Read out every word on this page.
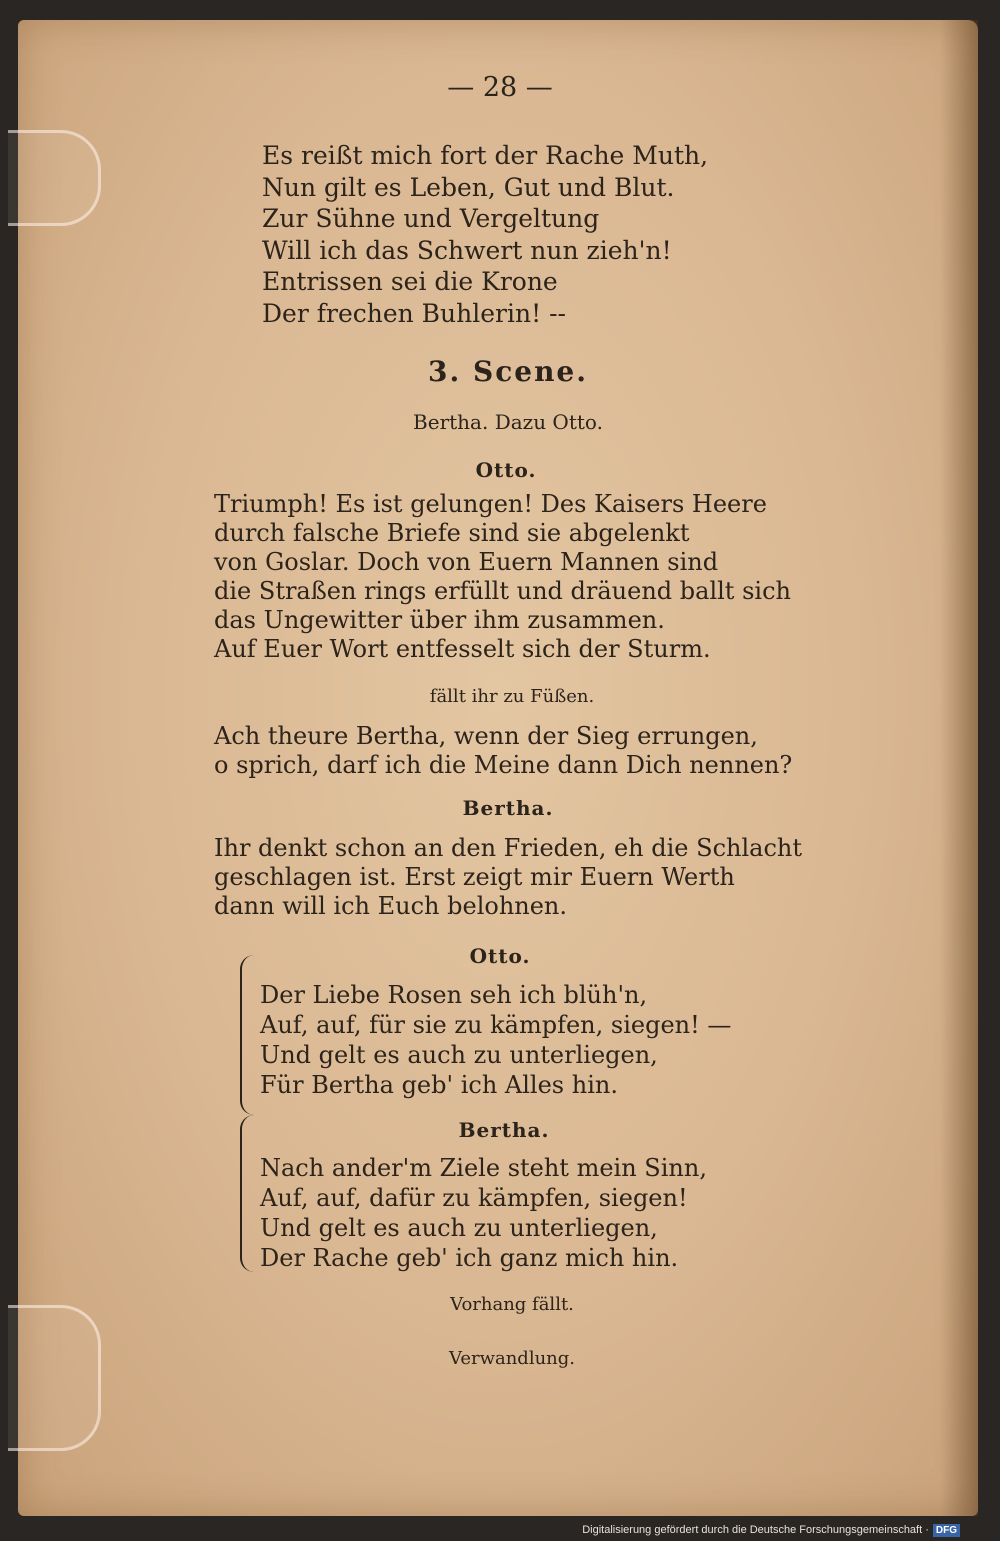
— 28 —
Es reißt mich fort der Rache Muth,
Nun gilt es Leben, Gut und Blut.
Zur Sühne und Vergeltung
Will ich das Schwert nun zieh'n!
Entrissen sei die Krone
Der frechen Buhlerin! --
3. Scene.
Bertha. Dazu Otto.
Otto.
Triumph! Es ist gelungen! Des Kaisers Heere
durch falsche Briefe sind sie abgelenkt
von Goslar. Doch von Euern Mannen sind
die Straßen rings erfüllt und dräuend ballt sich
das Ungewitter über ihm zusammen.
Auf Euer Wort entfesselt sich der Sturm.
fällt ihr zu Füßen.
Ach theure Bertha, wenn der Sieg errungen,
o sprich, darf ich die Meine dann Dich nennen?
Bertha.
Ihr denkt schon an den Frieden, eh die Schlacht
geschlagen ist. Erst zeigt mir Euern Werth
dann will ich Euch belohnen.
Otto.
Der Liebe Rosen seh ich blüh'n,
Auf, auf, für sie zu kämpfen, siegen! —
Und gelt es auch zu unterliegen,
Für Bertha geb' ich Alles hin.
Bertha.
Nach ander'm Ziele steht mein Sinn,
Auf, auf, dafür zu kämpfen, siegen!
Und gelt es auch zu unterliegen,
Der Rache geb' ich ganz mich hin.
Vorhang fällt.
Verwandlung.
Digitalisierung gefördert durch die Deutsche Forschungsgemeinschaft · DFG
